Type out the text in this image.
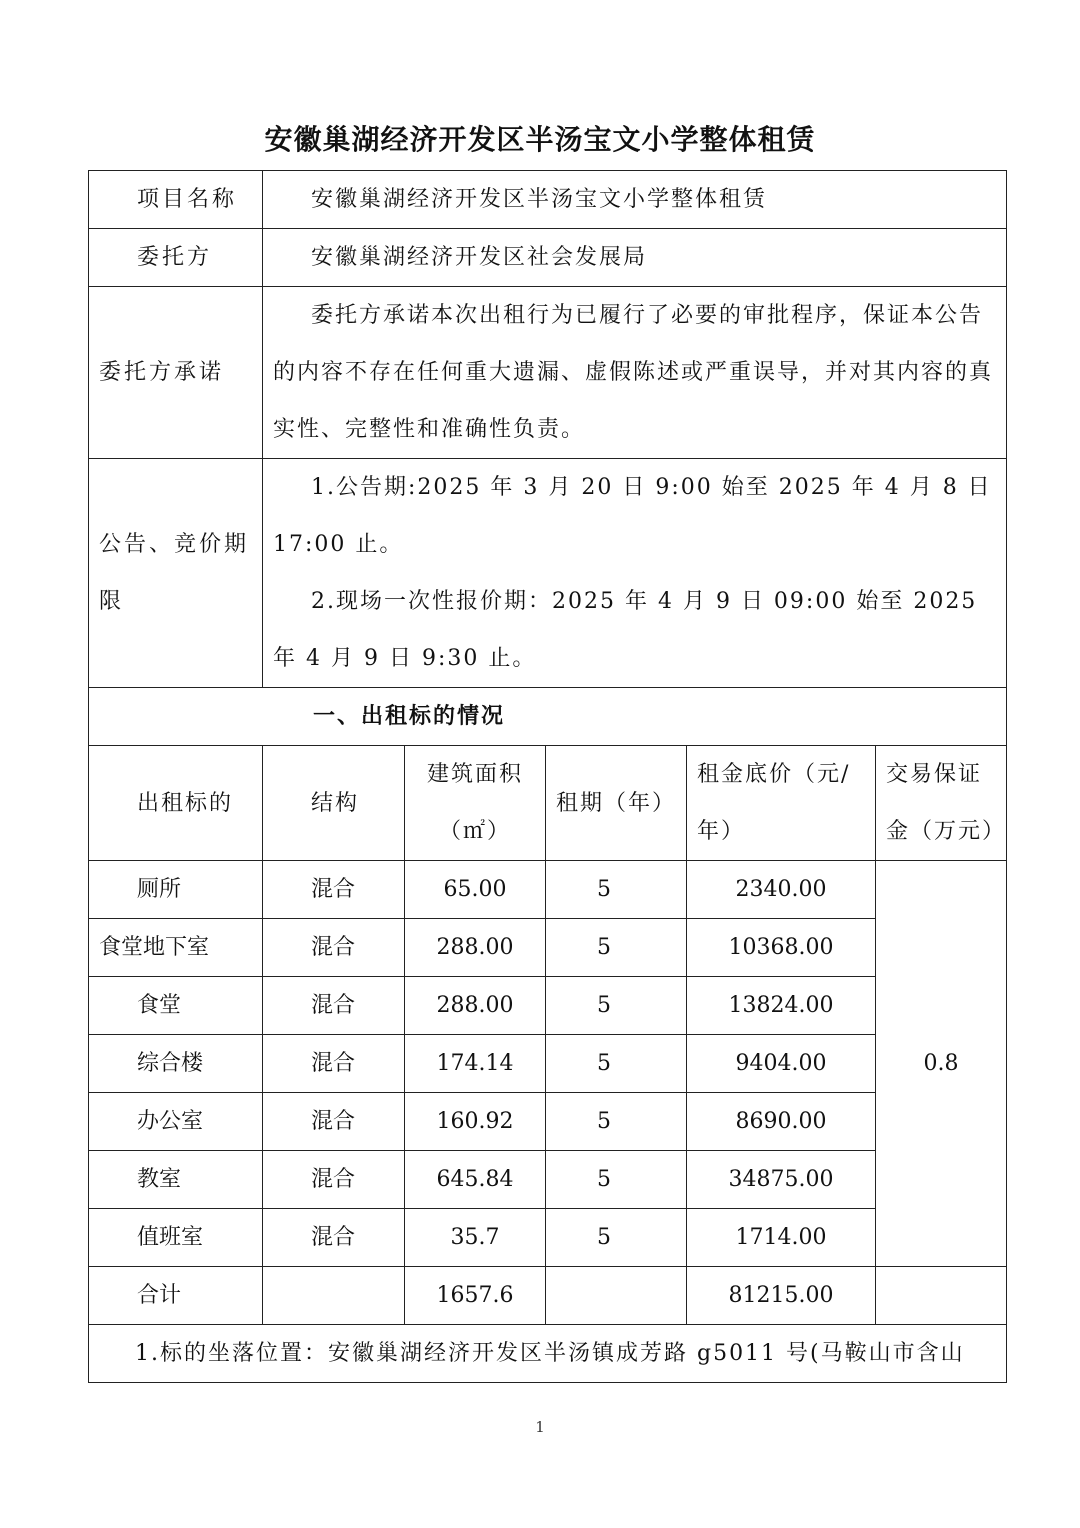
安徽巢湖经济开发区半汤宝文小学整体租赁
项目名称	安徽巢湖经济开发区半汤宝文小学整体租赁				
委托方	安徽巢湖经济开发区社会发展局				
委托方承诺	委托方承诺本次出租行为已履行了必要的审批程序，保证本公告的内容不存在任何重大遗漏、虚假陈述或严重误导，并对其内容的真实性、完整性和准确性负责。				

公告、竞价期限	1.公告期:2025 年 3 月 20 日 9:00 始至 2025 年 4 月 8 日 17:00 止。

2.现场一次性报价期：2025 年 4 月 9 日 09:00 始至 2025 年 4 月 9 日 9:30 止。				

一、出租标的情况					
出租标的	结构	建筑面积（㎡）	租期（年）	租金底价（元/年）	交易保证金（万元）
厕所	混合	65.00	5	2340.00	0.8
食堂地下室	混合	288.00	5	10368.00	
食堂	混合	288.00	5	13824.00	
综合楼	混合	174.14	5	9404.00	
办公室	混合	160.92	5	8690.00	
教室	混合	645.84	5	34875.00	
值班室	混合	35.7	5	1714.00	
合计		1657.6		81215.00	
1.标的坐落位置：安徽巢湖经济开发区半汤镇成芳路 g5011 号(马鞍山市含山					
1
